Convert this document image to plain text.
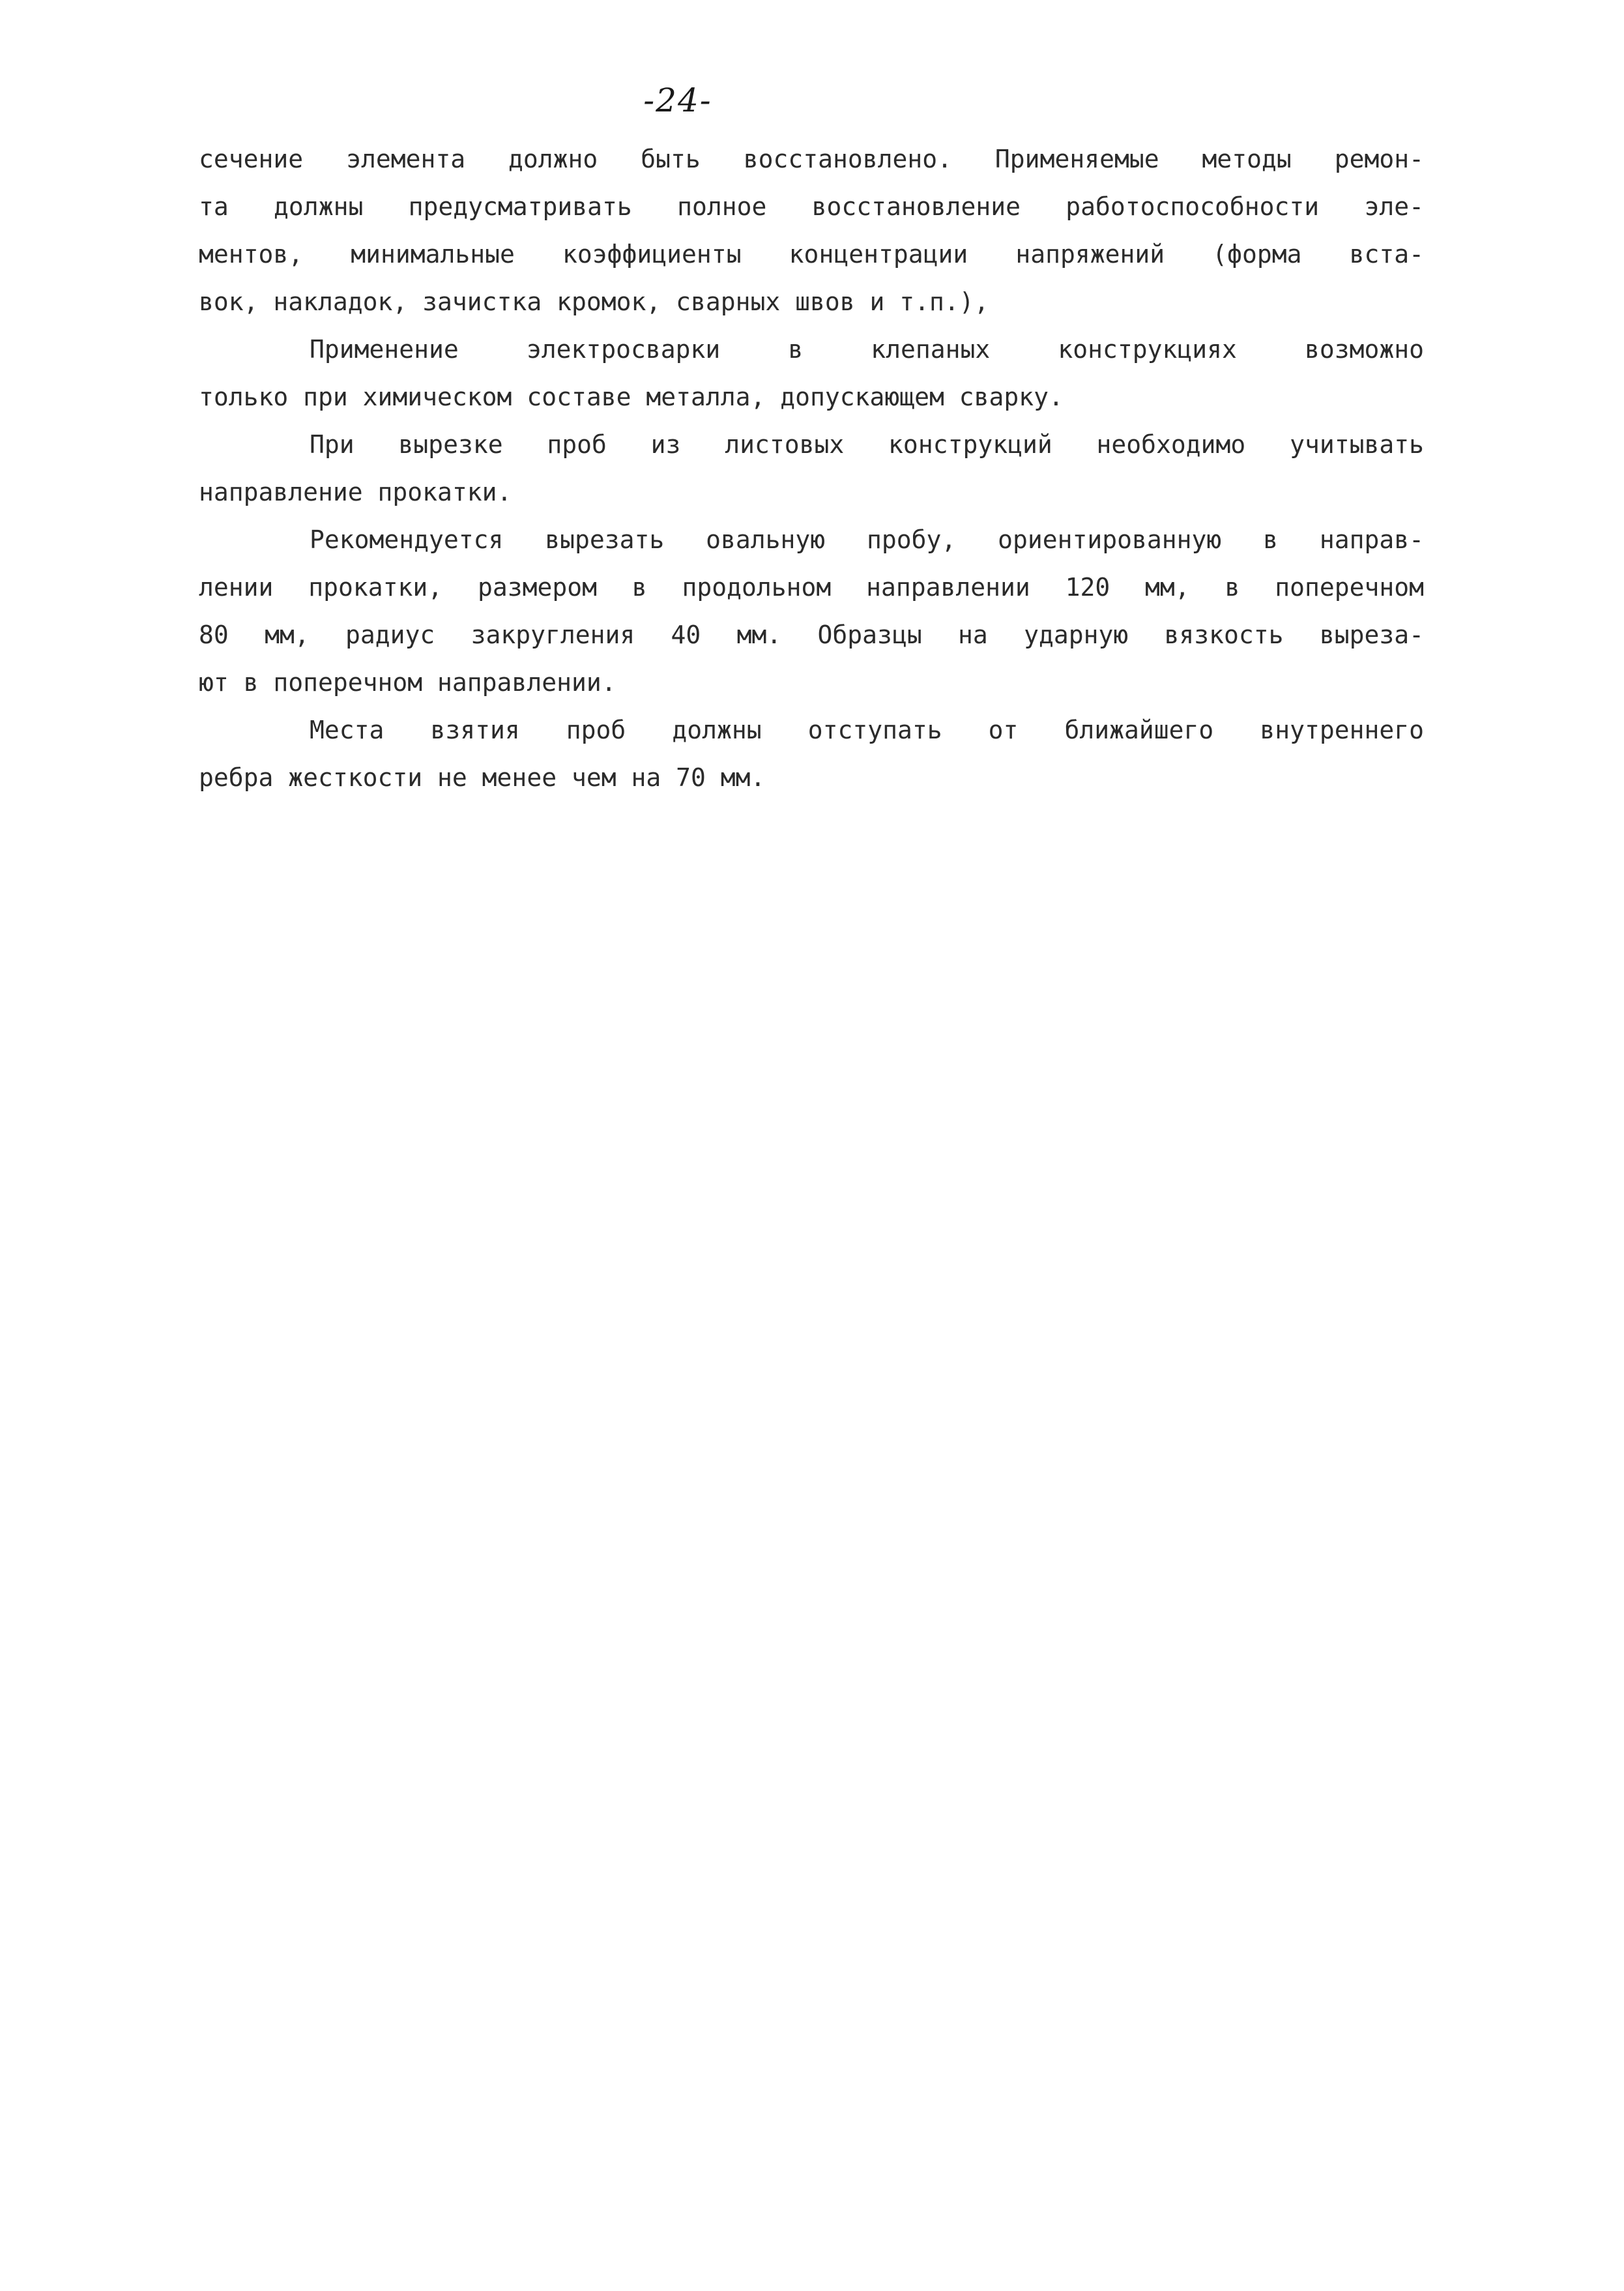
-24-
сечение элемента должно быть восстановлено. Применяемые методы ремон-
та должны предусматривать полное восстановление работоспособности эле-
ментов, минимальные коэффициенты концентрации напряжений (форма вста-
вок, накладок, зачистка кромок, сварных швов и т.п.),
Применение электросварки в клепаных конструкциях возможно
только при химическом составе металла, допускающем сварку.
При вырезке проб из листовых конструкций необходимо учитывать
направление прокатки.
Рекомендуется вырезать овальную пробу, ориентированную в направ-
лении прокатки, размером в продольном направлении 120 мм, в поперечном
80 мм, радиус закругления 40 мм. Образцы на ударную вязкость выреза-
ют в поперечном направлении.
Места взятия проб должны отступать от ближайшего внутреннего
ребра жесткости не менее чем на 70 мм.
